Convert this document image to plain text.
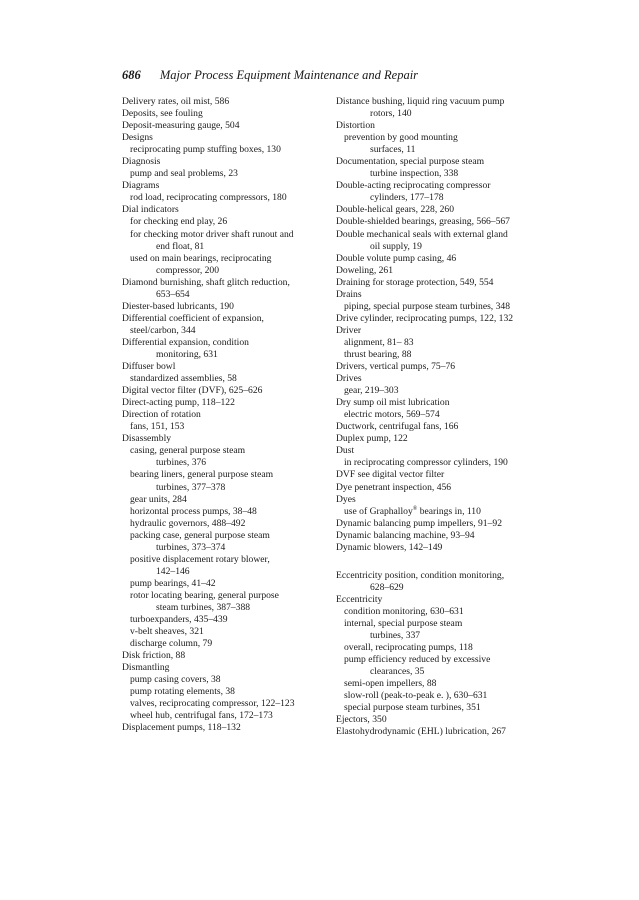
686 Major Process Equipment Maintenance and Repair
Delivery rates, oil mist, 586
Deposits, see fouling
Deposit-measuring gauge, 504
Designs
reciprocating pump stuffing boxes, 130
Diagnosis
pump and seal problems, 23
Diagrams
rod load, reciprocating compressors, 180
Dial indicators
for checking end play, 26
for checking motor driver shaft runout and
end float, 81
used on main bearings, reciprocating
compressor, 200
Diamond burnishing, shaft glitch reduction,
653–654
Diester-based lubricants, 190
Differential coefficient of expansion,
steel/carbon, 344
Differential expansion, condition
monitoring, 631
Diffuser bowl
standardized assemblies, 58
Digital vector filter (DVF), 625–626
Direct-acting pump, 118–122
Direction of rotation
fans, 151, 153
Disassembly
casing, general purpose steam
turbines, 376
bearing liners, general purpose steam
turbines, 377–378
gear units, 284
horizontal process pumps, 38–48
hydraulic governors, 488–492
packing case, general purpose steam
turbines, 373–374
positive displacement rotary blower,
142–146
pump bearings, 41–42
rotor locating bearing, general purpose
steam turbines, 387–388
turboexpanders, 435–439
v-belt sheaves, 321
discharge column, 79
Disk friction, 88
Dismantling
pump casing covers, 38
pump rotating elements, 38
valves, reciprocating compressor, 122–123
wheel hub, centrifugal fans, 172–173
Displacement pumps, 118–132
Distance bushing, liquid ring vacuum pump
rotors, 140
Distortion
prevention by good mounting
surfaces, 11
Documentation, special purpose steam
turbine inspection, 338
Double-acting reciprocating compressor
cylinders, 177–178
Double-helical gears, 228, 260
Double-shielded bearings, greasing, 566–567
Double mechanical seals with external gland
oil supply, 19
Double volute pump casing, 46
Doweling, 261
Draining for storage protection, 549, 554
Drains
piping, special purpose steam turbines, 348
Drive cylinder, reciprocating pumps, 122, 132
Driver
alignment, 81– 83
thrust bearing, 88
Drivers, vertical pumps, 75–76
Drives
gear, 219–303
Dry sump oil mist lubrication
electric motors, 569–574
Ductwork, centrifugal fans, 166
Duplex pump, 122
Dust
in reciprocating compressor cylinders, 190
DVF see digital vector filter
Dye penetrant inspection, 456
Dyes
use of Graphalloy® bearings in, 110
Dynamic balancing pump impellers, 91–92
Dynamic balancing machine, 93–94
Dynamic blowers, 142–149
Eccentricity position, condition monitoring,
628–629
Eccentricity
condition monitoring, 630–631
internal, special purpose steam
turbines, 337
overall, reciprocating pumps, 118
pump efficiency reduced by excessive
clearances, 35
semi-open impellers, 88
slow-roll (peak-to-peak e. ), 630–631
special purpose steam turbines, 351
Ejectors, 350
Elastohydrodynamic (EHL) lubrication, 267
